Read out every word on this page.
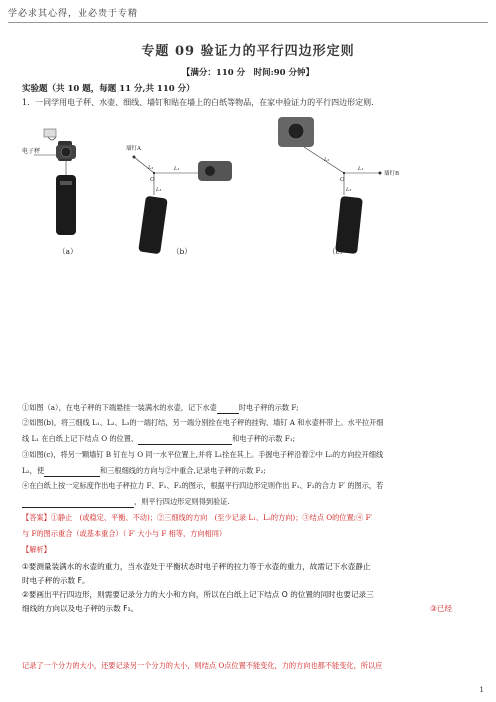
学必求其心得，业必贵于专精
专题 09 验证力的平行四边形定则
【满分：110 分　时间:90 分钟】
实验题（共 10 题，每题 11 分,共 110 分）
1．一同学用电子秤、水壶、细线、墙钉和贴在墙上的白纸等物品，在家中验证力的平行四边形定则.
电子秤	墙钉A
L₂
O
L₁
L₃
L₂
O
L₁
L₃
墙钉B
（a）	（b）	（c）
①如图（a），在电子秤的下端悬挂一装满水的水壶，记下水壶	时电子秤的示数 F;
②如图(b)，将三细线 L₁、L₂、L₃的一端打结，另一端分别拴在电子秤的挂钩、墙钉 A 和水壶杯带上。水平拉开细
线 L₁ 在白纸上记下结点 O 的位置、	和电子秤的示数 F₁;
③如图(c)，将另一颗墙钉 B 钉在与 O 同一水平位置上,并将 L₁拴在其上。手握电子秤沿着②中 L₂的方向拉开细线
L₂，使	和三根细线的方向与②中重合,记录电子秤的示数 F₂;
④在白纸上按一定标度作出电子秤拉力 F、F₁、F₂的图示，根据平行四边形定则作出 F₁、F₂的合力 F′ 的图示，若
，则平行四边形定则得到验证.
【答案】①静止　(或稳定、平衡、不动)；②三细线的方向　(至少记录 L₁、L₂的方向)；③结点 O的位置;④ F′
与 F的图示重合（或基本重合）（ F′ 大小与 F 相等，方向相同）
【解析】
①要测量装满水的水壶的重力，当水壶处于平衡状态时电子秤的拉力等于水壶的重力，故需记下水壶静止
时电子秤的示数 F。
②要画出平行四边形，则需要记录分力的大小和方向，所以在白纸上记下结点 O 的位置的同时也要记录三
细线的方向以及电子秤的示数 F₁。	③已经
记录了一个分力的大小，还要记录另一个分力的大小，则结点 O点位置不能变化，力的方向也都不能变化，所以应
1
